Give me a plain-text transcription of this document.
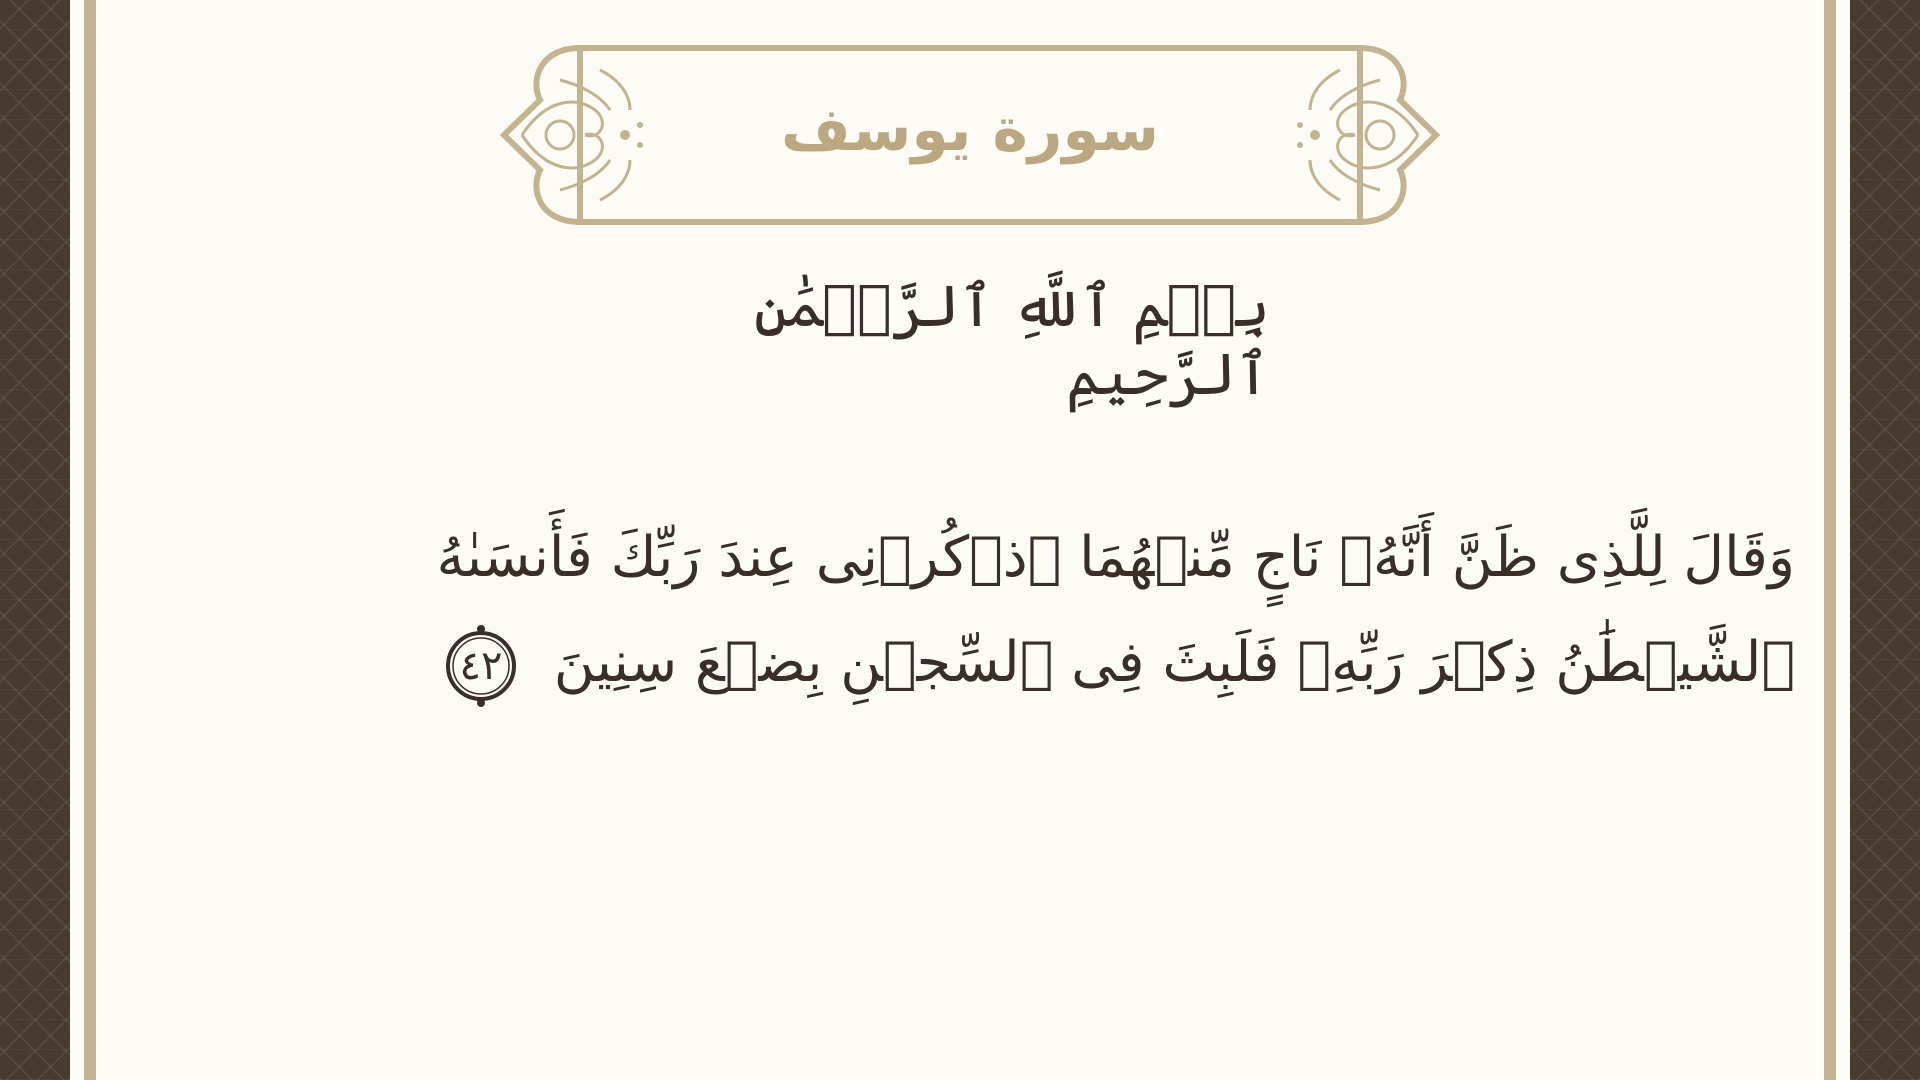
سورة يوسف
بِسۡمِ ٱللَّهِ ٱلرَّحۡمَٰنِ ٱلرَّحِيمِ
وَقَالَ لِلَّذِى ظَنَّ أَنَّهُۥ نَاجٍ مِّنۡهُمَا ٱذۡكُرۡنِى عِندَ رَبِّكَ فَأَنسَىٰهُ ٱلشَّيۡطَٰنُ ذِكۡرَ رَبِّهِۦ فَلَبِثَ فِى ٱلسِّجۡنِ بِضۡعَ سِنِينَ
٤٢
